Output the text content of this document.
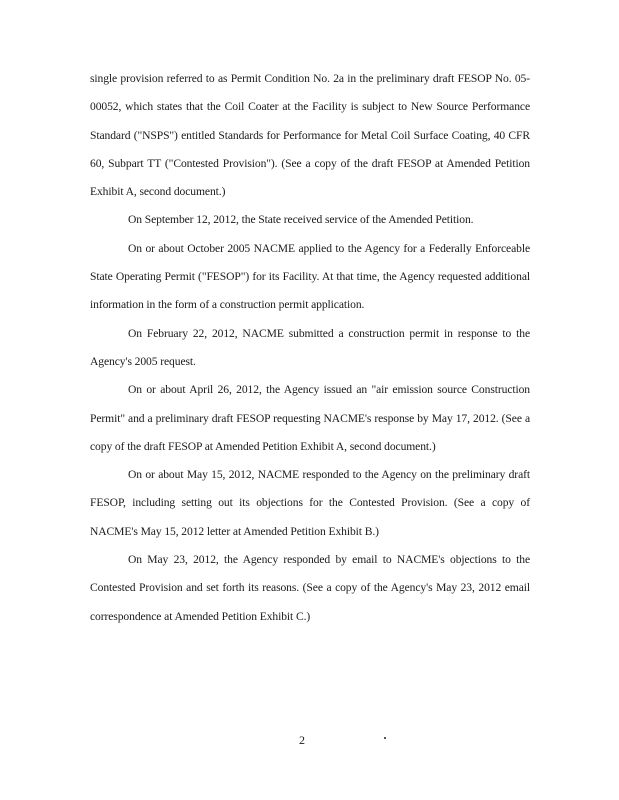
single provision referred to as Permit Condition No. 2a in the preliminary draft FESOP No. 05-00052, which states that the Coil Coater at the Facility is subject to New Source Performance Standard ("NSPS") entitled Standards for Performance for Metal Coil Surface Coating, 40 CFR 60, Subpart TT ("Contested Provision"). (See a copy of the draft FESOP at Amended Petition Exhibit A, second document.)

On September 12, 2012, the State received service of the Amended Petition.

On or about October 2005 NACME applied to the Agency for a Federally Enforceable State Operating Permit ("FESOP") for its Facility. At that time, the Agency requested additional information in the form of a construction permit application.

On February 22, 2012, NACME submitted a construction permit in response to the Agency's 2005 request.

On or about April 26, 2012, the Agency issued an "air emission source Construction Permit" and a preliminary draft FESOP requesting NACME's response by May 17, 2012. (See a copy of the draft FESOP at Amended Petition Exhibit A, second document.)

On or about May 15, 2012, NACME responded to the Agency on the preliminary draft FESOP, including setting out its objections for the Contested Provision. (See a copy of NACME's May 15, 2012 letter at Amended Petition Exhibit B.)

On May 23, 2012, the Agency responded by email to NACME's objections to the Contested Provision and set forth its reasons. (See a copy of the Agency's May 23, 2012 email correspondence at Amended Petition Exhibit C.)

2
